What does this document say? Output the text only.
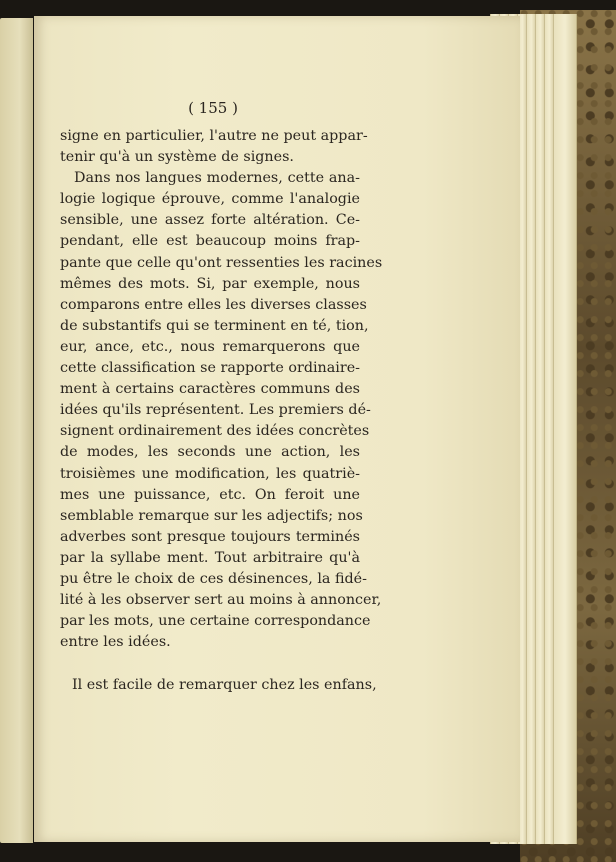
( 155 )
signe en particulier, l'autre ne peut appar-
tenir qu'à un système de signes.
Dans nos langues modernes, cette ana-
logie logique éprouve, comme l'analogie
sensible, une assez forte altération. Ce-
pendant, elle est beaucoup moins frap-
pante que celle qu'ont ressenties les racines
mêmes des mots. Si, par exemple, nous
comparons entre elles les diverses classes
de substantifs qui se terminent en té, tion,
eur, ance, etc., nous remarquerons que
cette classification se rapporte ordinaire-
ment à certains caractères communs des
idées qu'ils représentent. Les premiers dé-
signent ordinairement des idées concrètes
de modes, les seconds une action, les
troisièmes une modification, les quatriè-
mes une puissance, etc. On feroit une
semblable remarque sur les adjectifs; nos
adverbes sont presque toujours terminés
par la syllabe ment. Tout arbitraire qu'à
pu être le choix de ces désinences, la fidé-
lité à les observer sert au moins à annoncer,
par les mots, une certaine correspondance
entre les idées.
Il est facile de remarquer chez les enfans,
